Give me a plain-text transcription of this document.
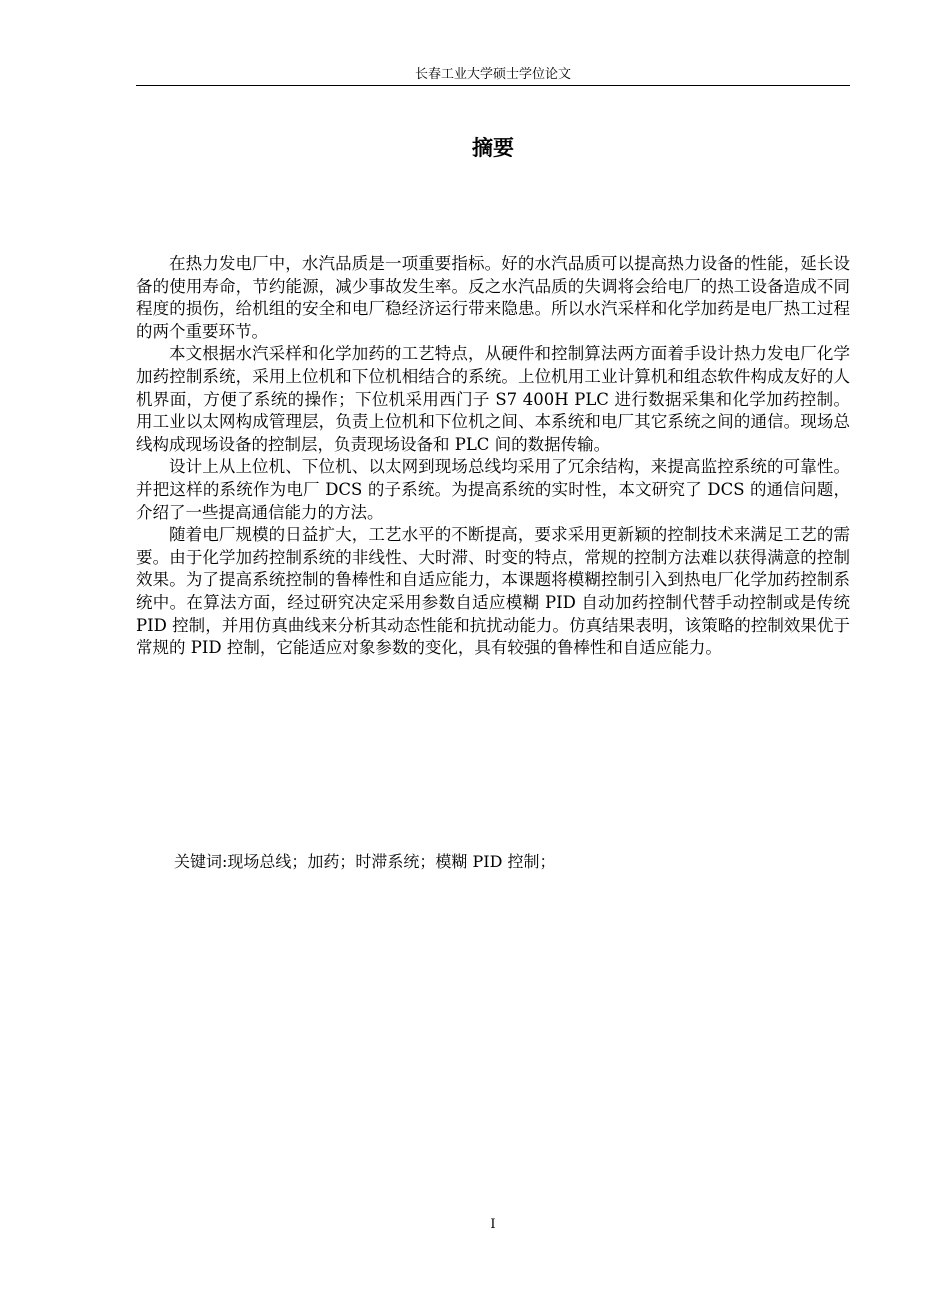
长春工业大学硕士学位论文
摘要

在热力发电厂中，水汽品质是一项重要指标。好的水汽品质可以提高热力设备的性能，延长设备的使用寿命，节约能源，减少事故发生率。反之水汽品质的失调将会给电厂的热工设备造成不同程度的损伤，给机组的安全和电厂稳经济运行带来隐患。所以水汽采样和化学加药是电厂热工过程的两个重要环节。

本文根据水汽采样和化学加药的工艺特点，从硬件和控制算法两方面着手设计热力发电厂化学加药控制系统，采用上位机和下位机相结合的系统。上位机用工业计算机和组态软件构成友好的人机界面，方便了系统的操作；下位机采用西门子 S7 400H PLC 进行数据采集和化学加药控制。用工业以太网构成管理层，负责上位机和下位机之间、本系统和电厂其它系统之间的通信。现场总线构成现场设备的控制层，负责现场设备和 PLC 间的数据传输。

设计上从上位机、下位机、以太网到现场总线均采用了冗余结构，来提高监控系统的可靠性。并把这样的系统作为电厂 DCS 的子系统。为提高系统的实时性，本文研究了 DCS 的通信问题，介绍了一些提高通信能力的方法。

随着电厂规模的日益扩大，工艺水平的不断提高，要求采用更新颖的控制技术来满足工艺的需要。由于化学加药控制系统的非线性、大时滞、时变的特点，常规的控制方法难以获得满意的控制效果。为了提高系统控制的鲁棒性和自适应能力，本课题将模糊控制引入到热电厂化学加药控制系统中。在算法方面，经过研究决定采用参数自适应模糊 PID 自动加药控制代替手动控制或是传统 PID 控制，并用仿真曲线来分析其动态性能和抗扰动能力。仿真结果表明，该策略的控制效果优于常规的 PID 控制，它能适应对象参数的变化，具有较强的鲁棒性和自适应能力。

关键词:现场总线；加药；时滞系统；模糊 PID 控制；
I
